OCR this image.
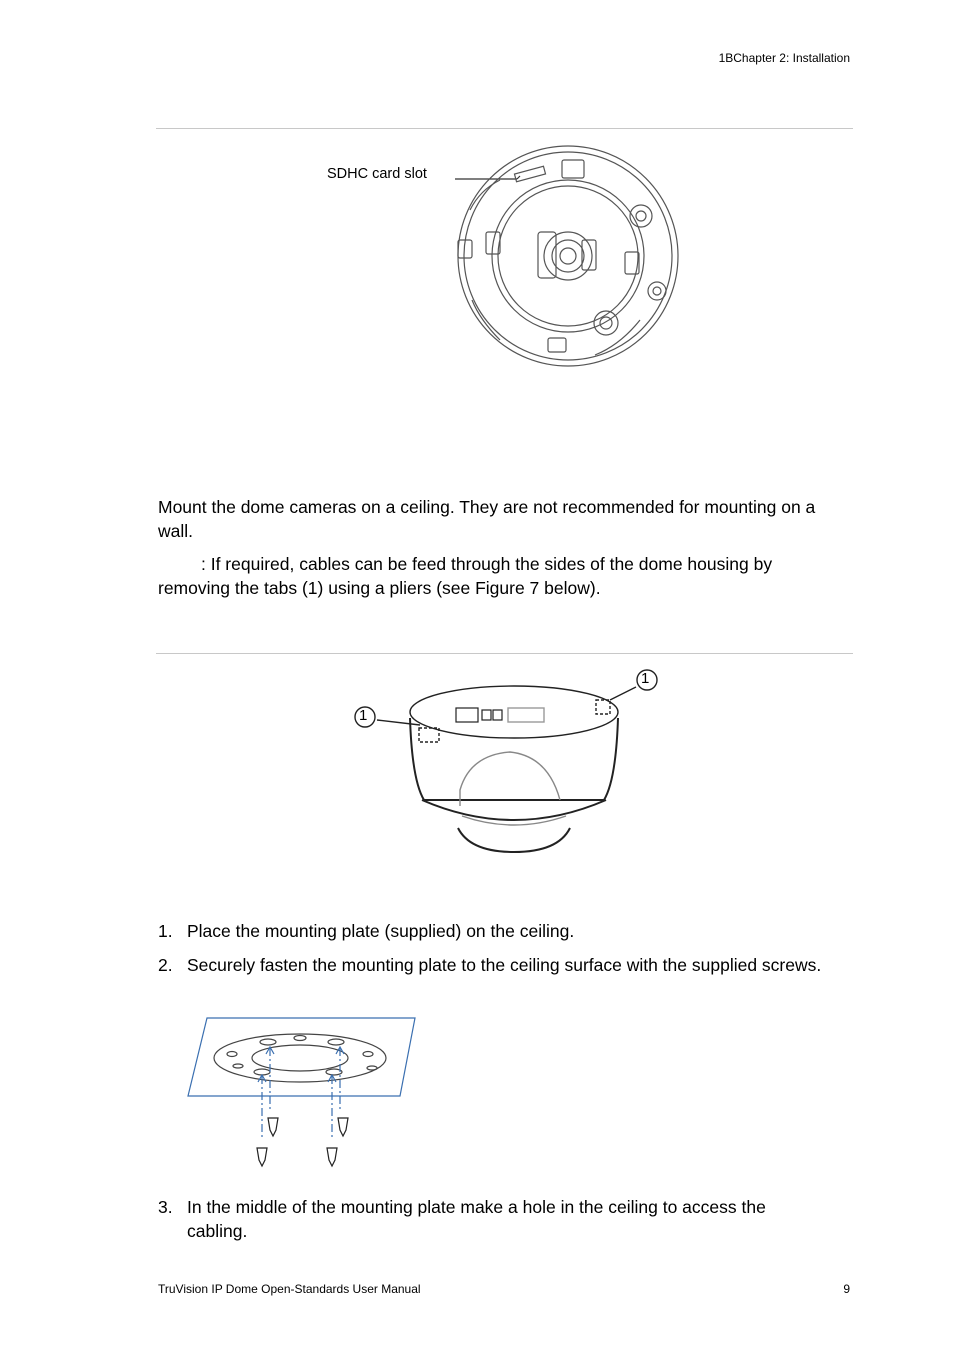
1BChapter 2: Installation
SDHC card slot
Mount the dome cameras on a ceiling. They are not recommended for mounting on a wall.
: If required, cables can be feed through the sides of the dome housing by removing the tabs (1) using a pliers (see Figure 7 below).
1
1
1. Place the mounting plate (supplied) on the ceiling.
2. Securely fasten the mounting plate to the ceiling surface with the supplied screws.
3. In the middle of the mounting plate make a hole in the ceiling to access the cabling.
TruVision IP Dome Open-Standards User Manual	9
